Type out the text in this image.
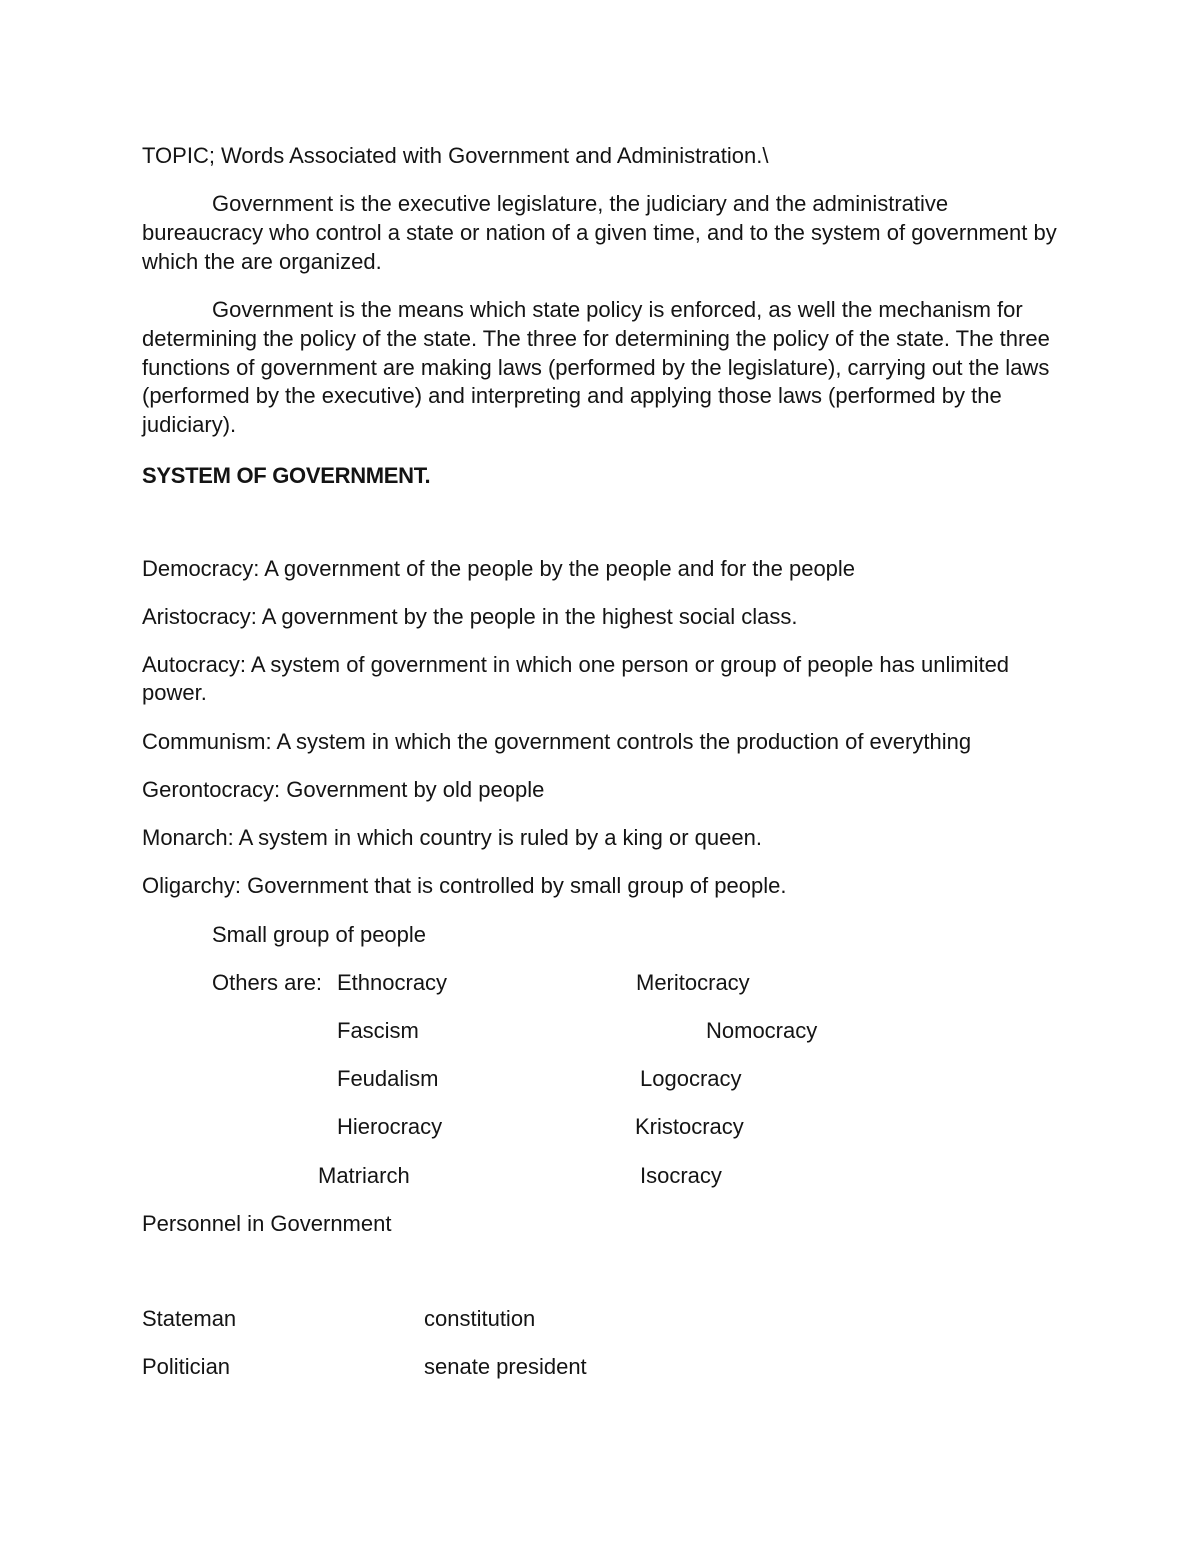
TOPIC; Words Associated with Government and Administration.\

Government is the executive legislature, the judiciary and the administrative bureaucracy who control a state or nation of a given time, and to the system of government by which the are organized.

Government is the means which state policy is enforced, as well the mechanism for determining the policy of the state. The three for determining the policy of the state. The three functions of government are making laws (performed by the legislature), carrying out the laws (performed by the executive) and interpreting and applying those laws (performed by the judiciary).

SYSTEM OF GOVERNMENT.

Democracy: A government of the people by the people and for the people

Aristocracy: A government by the people in the highest social class.

Autocracy: A system of government in which one person or group of people has unlimited power.

Communism: A system in which the government controls the production of everything

Gerontocracy: Government by old people

Monarch: A system in which country is ruled by a king or queen.

Oligarchy: Government that is controlled by small group of people.

Small group of people

Others are: Ethnocracy

Fascism

Feudalism

Hierocracy

Matriarch

Meritocracy

Nomocracy

Logocracy

Kristocracy

Isocracy

Personnel in Government

Stateman

Politician

constitution

senate president
